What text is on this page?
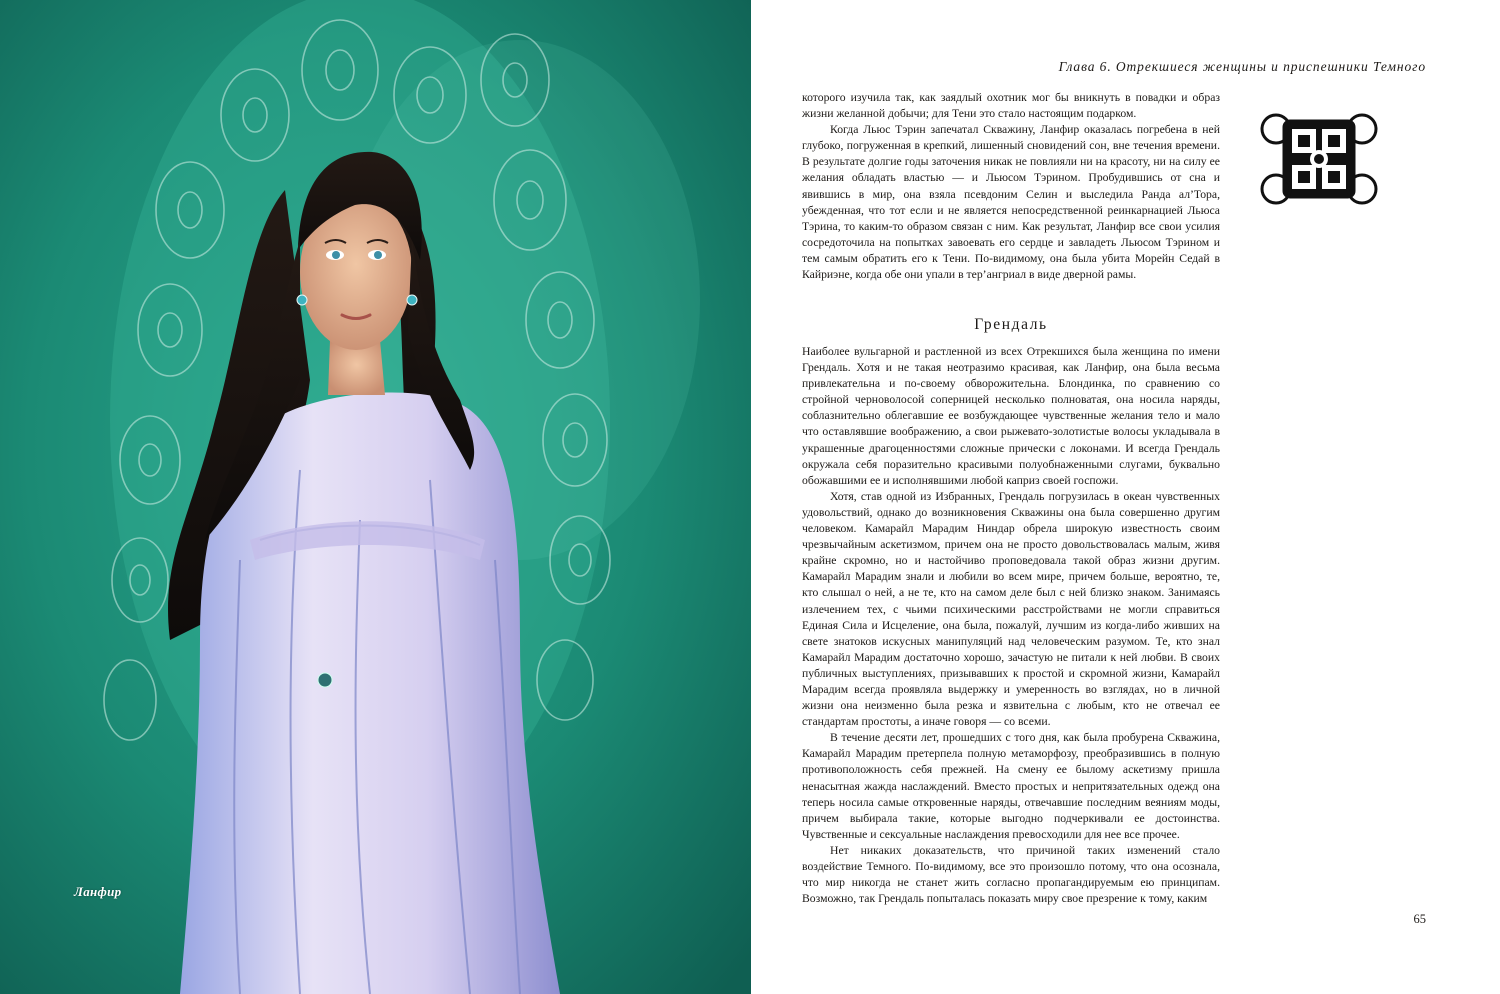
Ланфир
Глава 6. Отрекшиеся женщины и приспешники Темного

которого изучила так, как заядлый охотник мог бы вникнуть в повадки и образ жизни желанной добычи; для Тени это стало настоящим подарком.

Когда Льюс Тэрин запечатал Скважину, Ланфир оказалась погребена в ней глубоко, погруженная в крепкий, лишенный сновидений сон, вне течения времени. В результате долгие годы заточения никак не повлияли ни на красоту, ни на силу ее желания обладать властью — и Льюсом Тэрином. Пробудившись от сна и явившись в мир, она взяла псевдоним Селин и выследила Ранда ал’Тора, убежденная, что тот если и не является непосредственной реинкарнацией Льюса Тэрина, то каким-то образом связан с ним. Как результат, Ланфир все свои усилия сосредоточила на попытках завоевать его сердце и завладеть Льюсом Тэрином и тем самым обратить его к Тени. По-видимому, она была убита Морейн Седай в Кайриэне, когда обе они упали в тер’ангриал в виде дверной рамы.

Грендаль

Наиболее вульгарной и растленной из всех Отрекшихся была женщина по имени Грендаль. Хотя и не такая неотразимо красивая, как Ланфир, она была весьма привлекательна и по-своему обворожительна. Блондинка, по сравнению со стройной черноволосой соперницей несколько полноватая, она носила наряды, соблазнительно облегавшие ее возбуждающее чувственные желания тело и мало что оставлявшие воображению, а свои рыжевато-золотистые волосы укладывала в украшенные драгоценностями сложные прически с локонами. И всегда Грендаль окружала себя поразительно красивыми полуобнаженными слугами, буквально обожавшими ее и исполнявшими любой каприз своей госпожи.

Хотя, став одной из Избранных, Грендаль погрузилась в океан чувственных удовольствий, однако до возникновения Скважины она была совершенно другим человеком. Камарайл Марадим Ниндар обрела широкую известность своим чрезвычайным аскетизмом, причем она не просто довольствовалась малым, живя крайне скромно, но и настойчиво проповедовала такой образ жизни другим. Камарайл Марадим знали и любили во всем мире, причем больше, вероятно, те, кто слышал о ней, а не те, кто на самом деле был с ней близко знаком. Занимаясь излечением тех, с чьими психическими расстройствами не могли справиться Единая Сила и Исцеление, она была, пожалуй, лучшим из когда-либо живших на свете знатоков искусных манипуляций над человеческим разумом. Те, кто знал Камарайл Марадим достаточно хорошо, зачастую не питали к ней любви. В своих публичных выступлениях, призывавших к простой и скромной жизни, Камарайл Марадим всегда проявляла выдержку и умеренность во взглядах, но в личной жизни она неизменно была резка и язвительна с любым, кто не отвечал ее стандартам простоты, а иначе говоря — со всеми.

В течение десяти лет, прошедших с того дня, как была пробурена Скважина, Камарайл Марадим претерпела полную метаморфозу, преобразившись в полную противоположность себя прежней. На смену ее былому аскетизму пришла ненасытная жажда наслаждений. Вместо простых и непритязательных одежд она теперь носила самые откровенные наряды, отвечавшие последним веяниям моды, причем выбирала такие, которые выгодно подчеркивали ее достоинства. Чувственные и сексуальные наслаждения превосходили для нее все прочее.

Нет никаких доказательств, что причиной таких изменений стало воздействие Темного. По-видимому, все это произошло потому, что она осознала, что мир никогда не станет жить согласно пропагандируемым ею принципам. Возможно, так Грендаль попыталась показать миру свое презрение к тому, каким

65
